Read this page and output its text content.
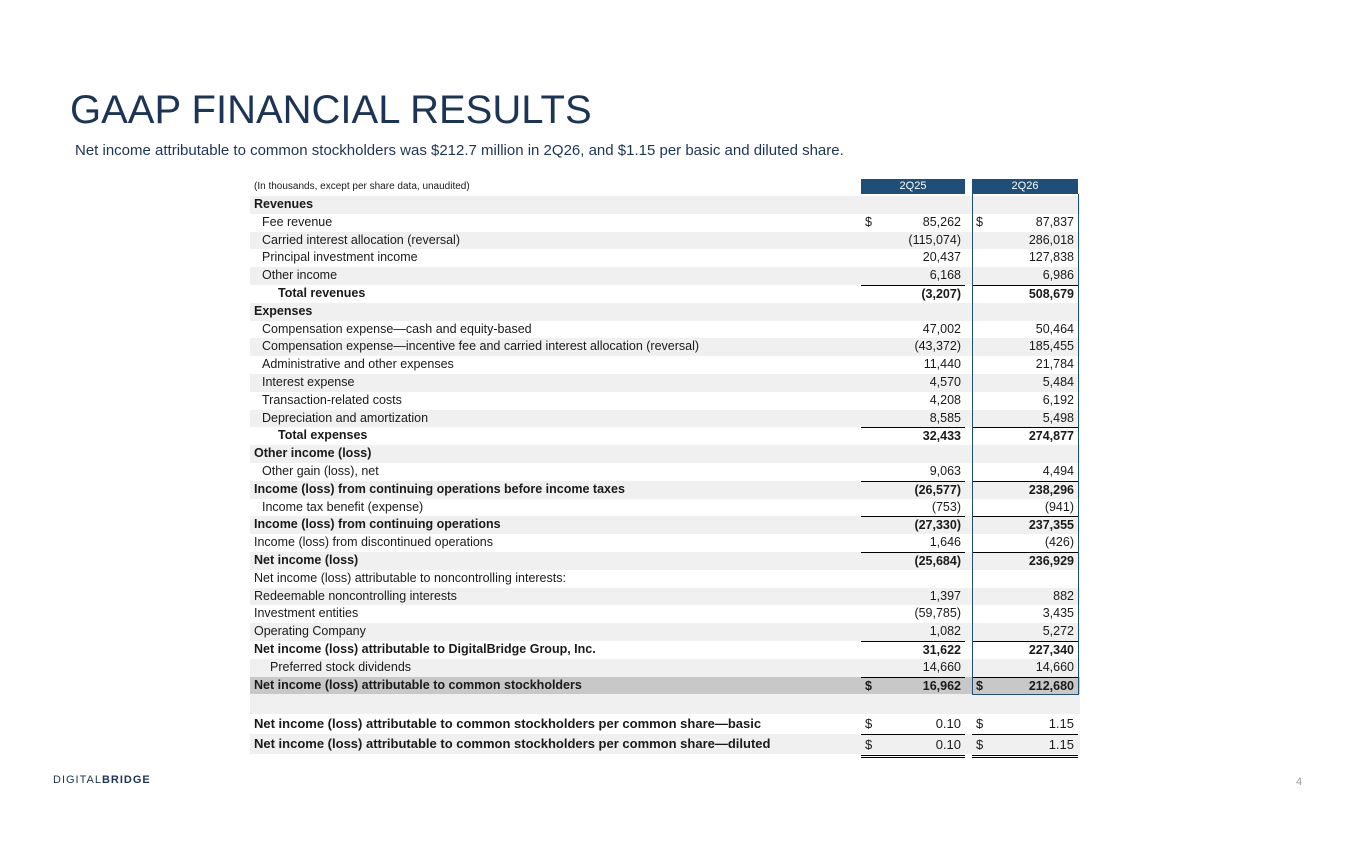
GAAP FINANCIAL RESULTS
Net income attributable to common stockholders was $212.7 million in 2Q26, and $1.15 per basic and diluted share.
(In thousands, except per share data, unaudited)	2Q25	2Q26
Revenues
Fee revenue	$	85,262 $	87,837
Carried interest allocation (reversal)	(115,074)	286,018
Principal investment income	20,437	127,838
Other income	6,168	6,986
Total revenues	(3,207)	508,679
Expenses
Compensation expense—cash and equity-based	47,002	50,464
Compensation expense—incentive fee and carried interest allocation (reversal)	(43,372)	185,455
Administrative and other expenses	11,440	21,784
Interest expense	4,570	5,484
Transaction-related costs	4,208	6,192
Depreciation and amortization	8,585	5,498
Total expenses	32,433	274,877
Other income (loss)
Other gain (loss), net	9,063	4,494
Income (loss) from continuing operations before income taxes	(26,577)	238,296
Income tax benefit (expense)	(753)	(941)
Income (loss) from continuing operations	(27,330)	237,355
Income (loss) from discontinued operations	1,646	(426)
Net income (loss)	(25,684)	236,929
Net income (loss) attributable to noncontrolling interests:
Redeemable noncontrolling interests	1,397	882
Investment entities	(59,785)	3,435
Operating Company	1,082	5,272
Net income (loss) attributable to DigitalBridge Group, Inc.	31,622	227,340
Preferred stock dividends	14,660	14,660
Net income (loss) attributable to common stockholders	$	16,962 $	212,680
Net income (loss) attributable to common stockholders per common share—basic	$	0.10 $	1.15
Net income (loss) attributable to common stockholders per common share—diluted	$	0.10 $	1.15
DIGITALBRIDGE	4
